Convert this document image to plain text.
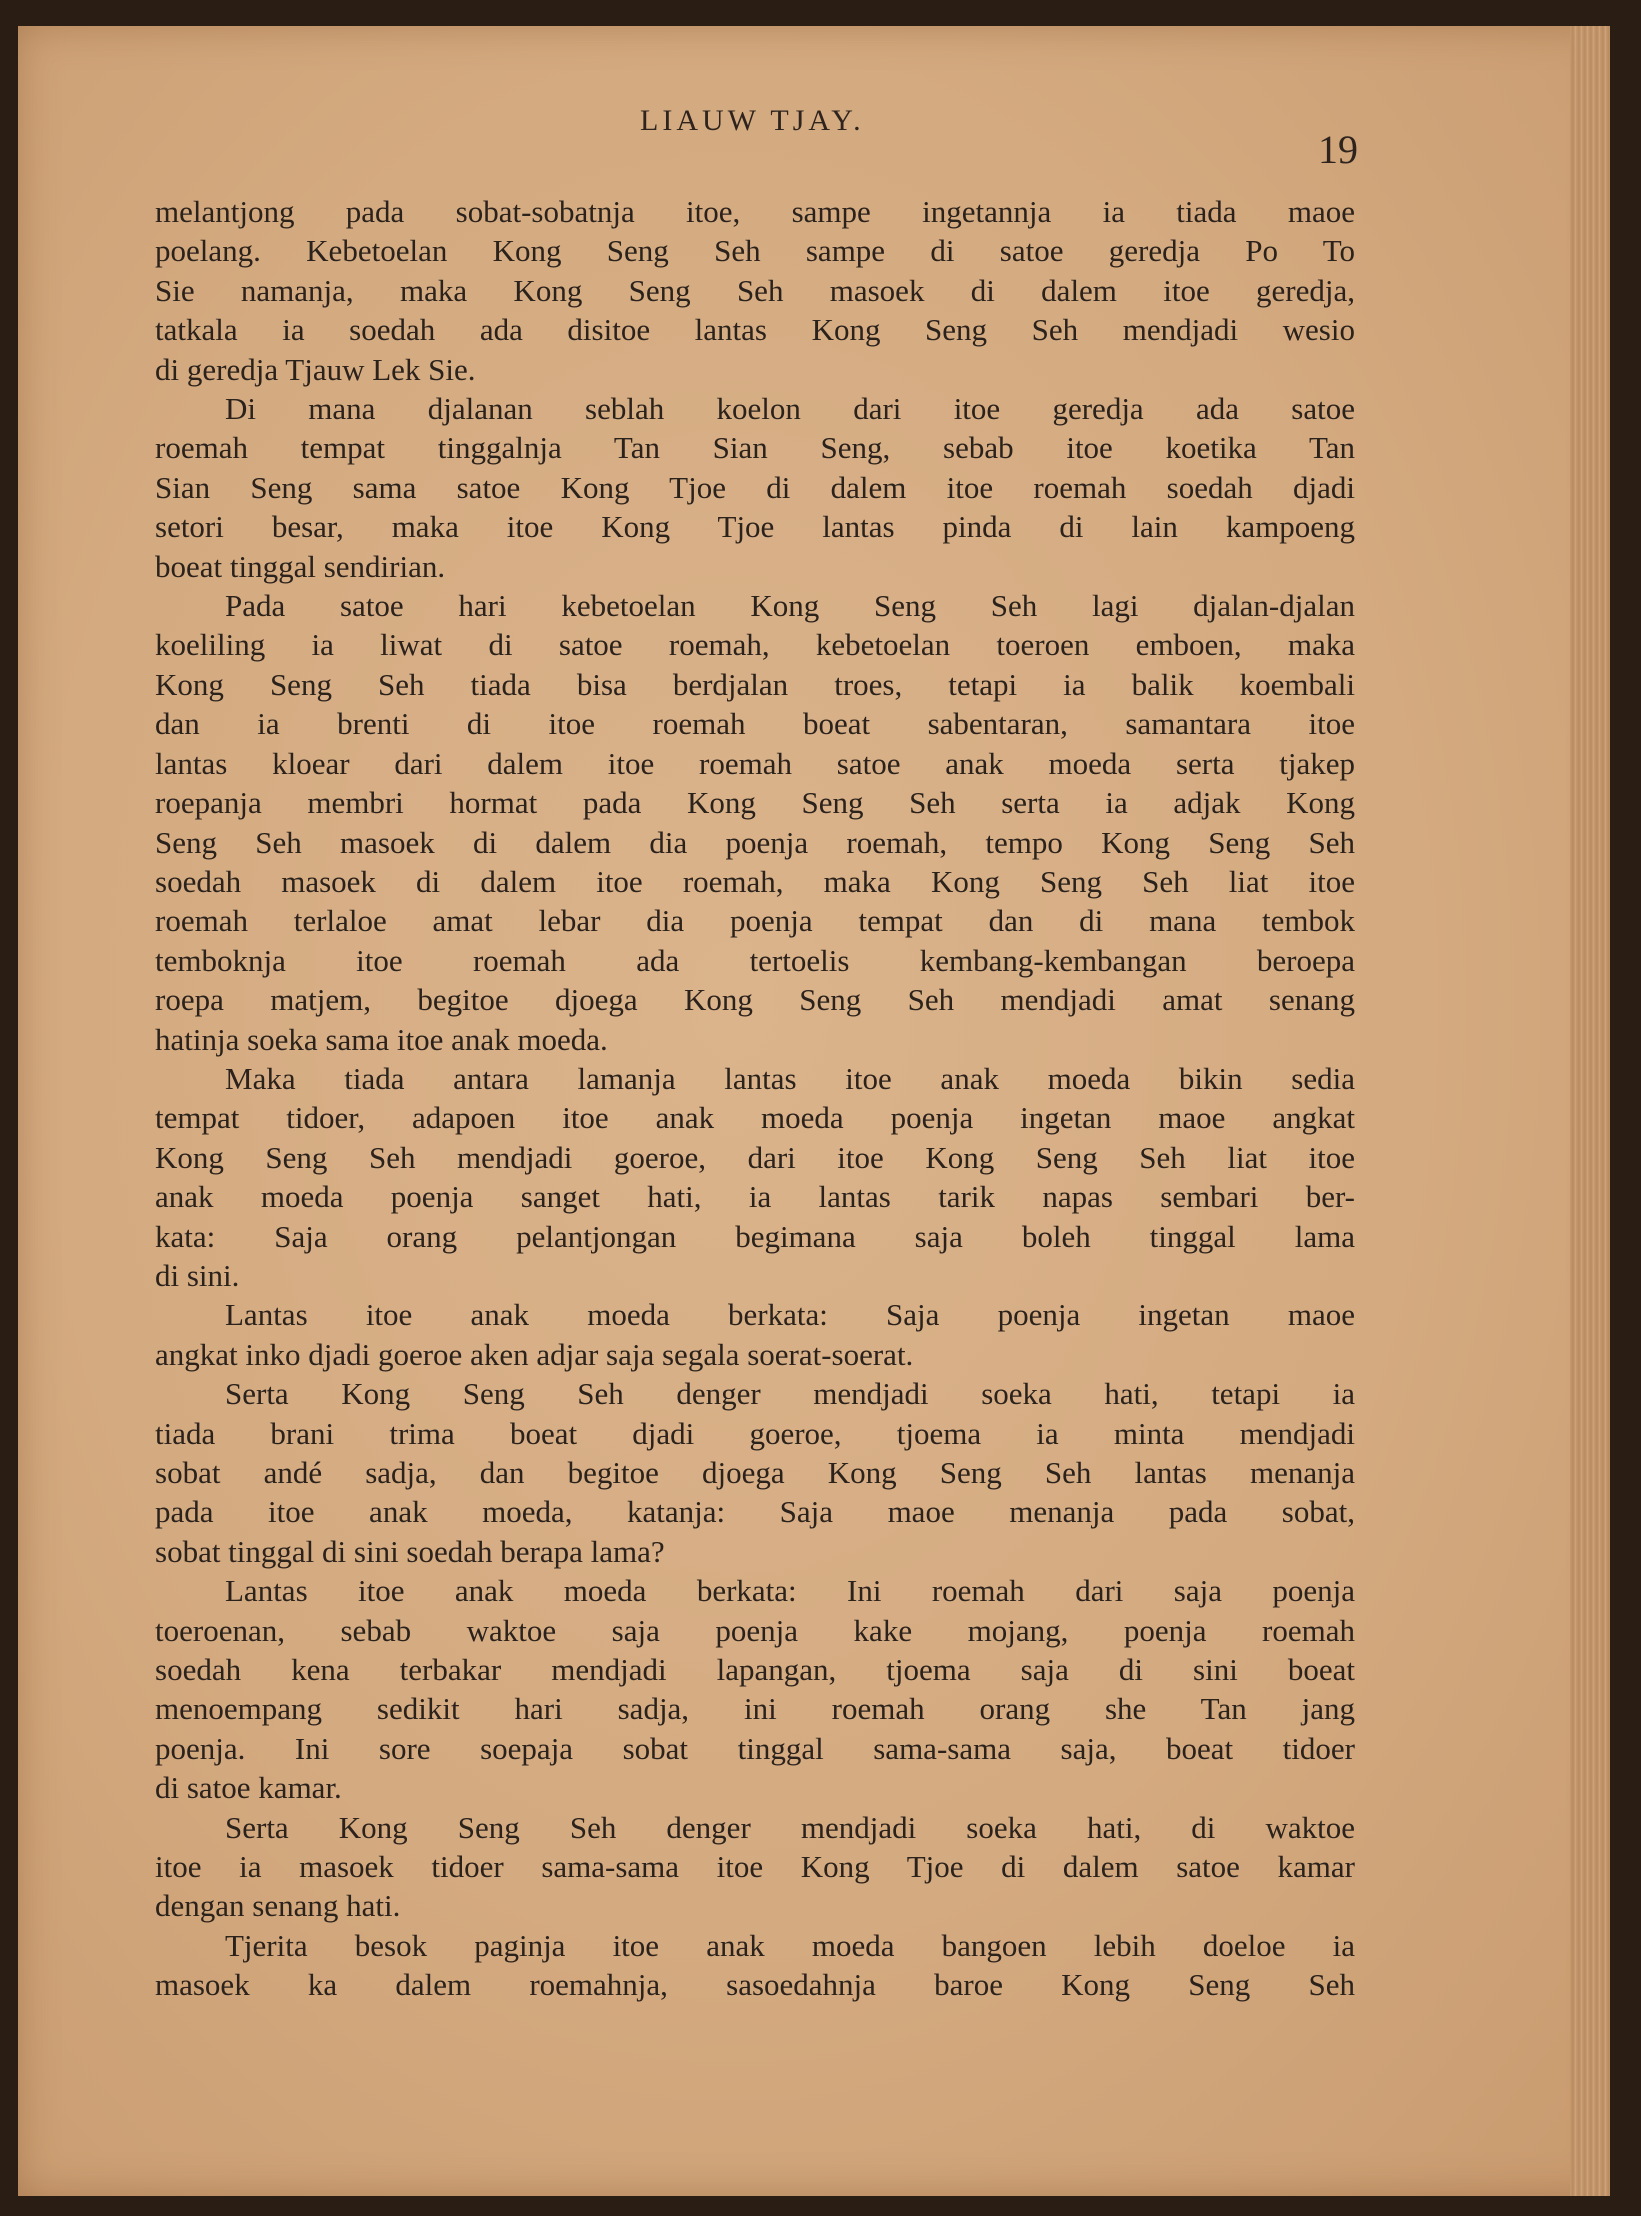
LIAUW TJAY.
19

melantjong pada sobat-sobatnja itoe, sampe ingetannja ia tiada maoe

poelang. Kebetoelan Kong Seng Seh sampe di satoe geredja Po To

Sie namanja, maka Kong Seng Seh masoek di dalem itoe geredja,

tatkala ia soedah ada disitoe lantas Kong Seng Seh mendjadi wesio

di geredja Tjauw Lek Sie.

Di mana djalanan seblah koelon dari itoe geredja ada satoe

roemah tempat tinggalnja Tan Sian Seng, sebab itoe koetika Tan

Sian Seng sama satoe Kong Tjoe di dalem itoe roemah soedah djadi

setori besar, maka itoe Kong Tjoe lantas pinda di lain kampoeng

boeat tinggal sendirian.

Pada satoe hari kebetoelan Kong Seng Seh lagi djalan-djalan

koeliling ia liwat di satoe roemah, kebetoelan toeroen emboen, maka

Kong Seng Seh tiada bisa berdjalan troes, tetapi ia balik koembali

dan ia brenti di itoe roemah boeat sabentaran, samantara itoe

lantas kloear dari dalem itoe roemah satoe anak moeda serta tjakep

roepanja membri hormat pada Kong Seng Seh serta ia adjak Kong

Seng Seh masoek di dalem dia poenja roemah, tempo Kong Seng Seh

soedah masoek di dalem itoe roemah, maka Kong Seng Seh liat itoe

roemah terlaloe amat lebar dia poenja tempat dan di mana tembok

temboknja itoe roemah ada tertoelis kembang-kembangan beroepa

roepa matjem, begitoe djoega Kong Seng Seh mendjadi amat senang

hatinja soeka sama itoe anak moeda.

Maka tiada antara lamanja lantas itoe anak moeda bikin sedia

tempat tidoer, adapoen itoe anak moeda poenja ingetan maoe angkat

Kong Seng Seh mendjadi goeroe, dari itoe Kong Seng Seh liat itoe

anak moeda poenja sanget hati, ia lantas tarik napas sembari ber-

kata: Saja orang pelantjongan begimana saja boleh tinggal lama

di sini.

Lantas itoe anak moeda berkata: Saja poenja ingetan maoe

angkat inko djadi goeroe aken adjar saja segala soerat-soerat.

Serta Kong Seng Seh denger mendjadi soeka hati, tetapi ia

tiada brani trima boeat djadi goeroe, tjoema ia minta mendjadi

sobat andé sadja, dan begitoe djoega Kong Seng Seh lantas menanja

pada itoe anak moeda, katanja: Saja maoe menanja pada sobat,

sobat tinggal di sini soedah berapa lama?

Lantas itoe anak moeda berkata: Ini roemah dari saja poenja

toeroenan, sebab waktoe saja poenja kake mojang, poenja roemah

soedah kena terbakar mendjadi lapangan, tjoema saja di sini boeat

menoempang sedikit hari sadja, ini roemah orang she Tan jang

poenja. Ini sore soepaja sobat tinggal sama-sama saja, boeat tidoer

di satoe kamar.

Serta Kong Seng Seh denger mendjadi soeka hati, di waktoe

itoe ia masoek tidoer sama-sama itoe Kong Tjoe di dalem satoe kamar

dengan senang hati.

Tjerita besok paginja itoe anak moeda bangoen lebih doeloe ia

masoek ka dalem roemahnja, sasoedahnja baroe Kong Seng Seh
